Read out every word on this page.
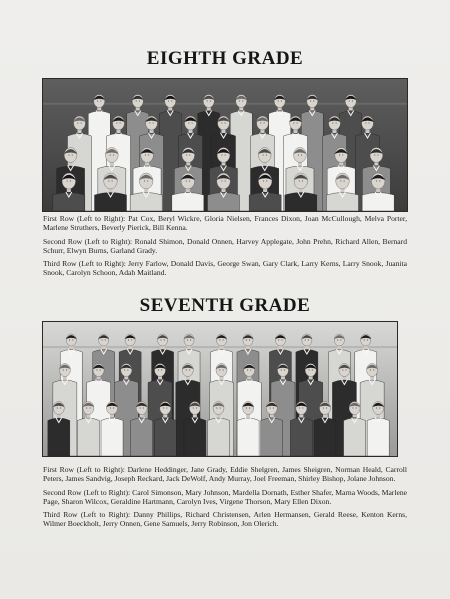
EIGHTH GRADE

First Row (Left to Right): Pat Cox, Beryl Wickre, Gloria Nielsen, Frances Dixon, Joan McCullough, Melva Porter, Marlene Struthers, Beverly Pierick, Bill Kenna.

Second Row (Left to Right): Ronald Shimon, Donald Onnen, Harvey Applegate, John Prehn, Richard Allen, Bernard Schurr, Elwyn Burns, Garland Grady.

Third Row (Left to Right): Jerry Farlow, Donald Davis, George Swan, Gary Clark, Larry Kerns, Larry Snook, Juanita Snook, Carolyn Schoon, Adah Maitland.

SEVENTH GRADE

First Row (Left to Right): Darlene Heddinger, Jane Grady, Eddie Shelgren, James Sheigren, Norman Heald, Carroll Peters, James Sandvig, Joseph Reckard, Jack DeWolf, Andy Murray, Joel Freeman, Shirley Bishop, Jolane Johnson.

Second Row (Left to Right): Carol Simonson, Mary Johnson, Mardella Dornath, Esther Shafer, Marna Woods, Marlene Page, Sharon Wilcox, Geraldine Hartmann, Carolyn Ives, Virgene Thorson, Mary Ellen Dixon.

Third Row (Left to Right): Danny Phillips, Richard Christensen, Arlen Hermansen, Gerald Reese, Kenton Kerns, Wilmer Boeckholt, Jerry Onnen, Gene Samuels, Jerry Robinson, Jon Olerich.
